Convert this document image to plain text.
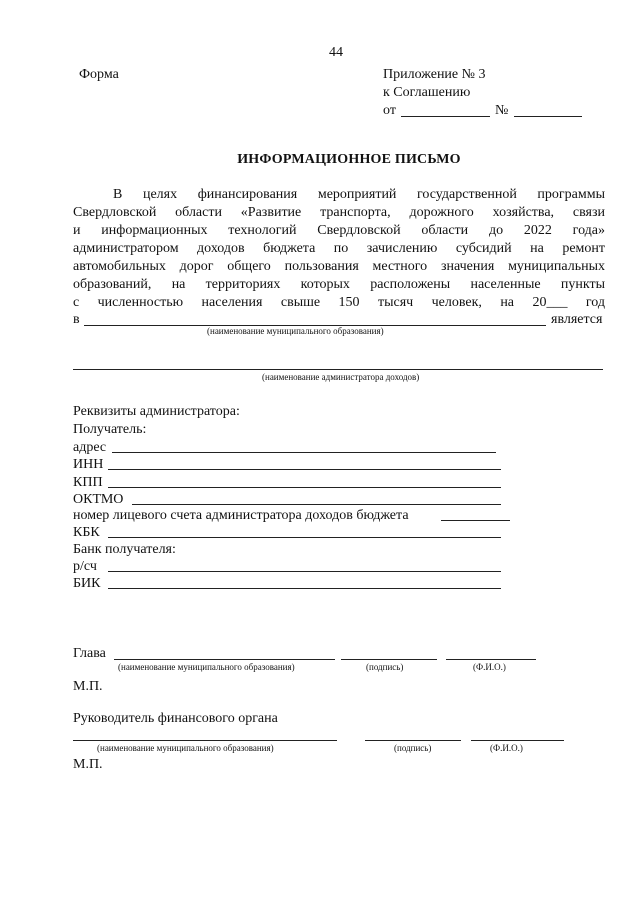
44
Форма	Приложение № 3
к Соглашению
от	№
ИНФОРМАЦИОННОЕ ПИСЬМО
В целях финансирования мероприятий государственной программы
Свердловской области «Развитие транспорта, дорожного хозяйства, связи
и информационных технологий Свердловской области до 2022 года»
администратором доходов бюджета по зачислению субсидий на ремонт
автомобильных дорог общего пользования местного значения муниципальных
образований, на территориях которых расположены населенные пункты
с численностью населения свыше 150 тысяч человек, на 20___ год
в	является
(наименование муниципального образования)
(наименование администратора доходов)
Реквизиты администратора:
Получатель:
адрес
ИНН
КПП
ОКТМО
номер лицевого счета администратора доходов бюджета
КБК
Банк получателя:
р/сч
БИК
Глава
(наименование муниципального образования)	(подпись)	(Ф.И.О.)
М.П.
Руководитель финансового органа
(наименование муниципального образования)	(подпись)	(Ф.И.О.)
М.П.
